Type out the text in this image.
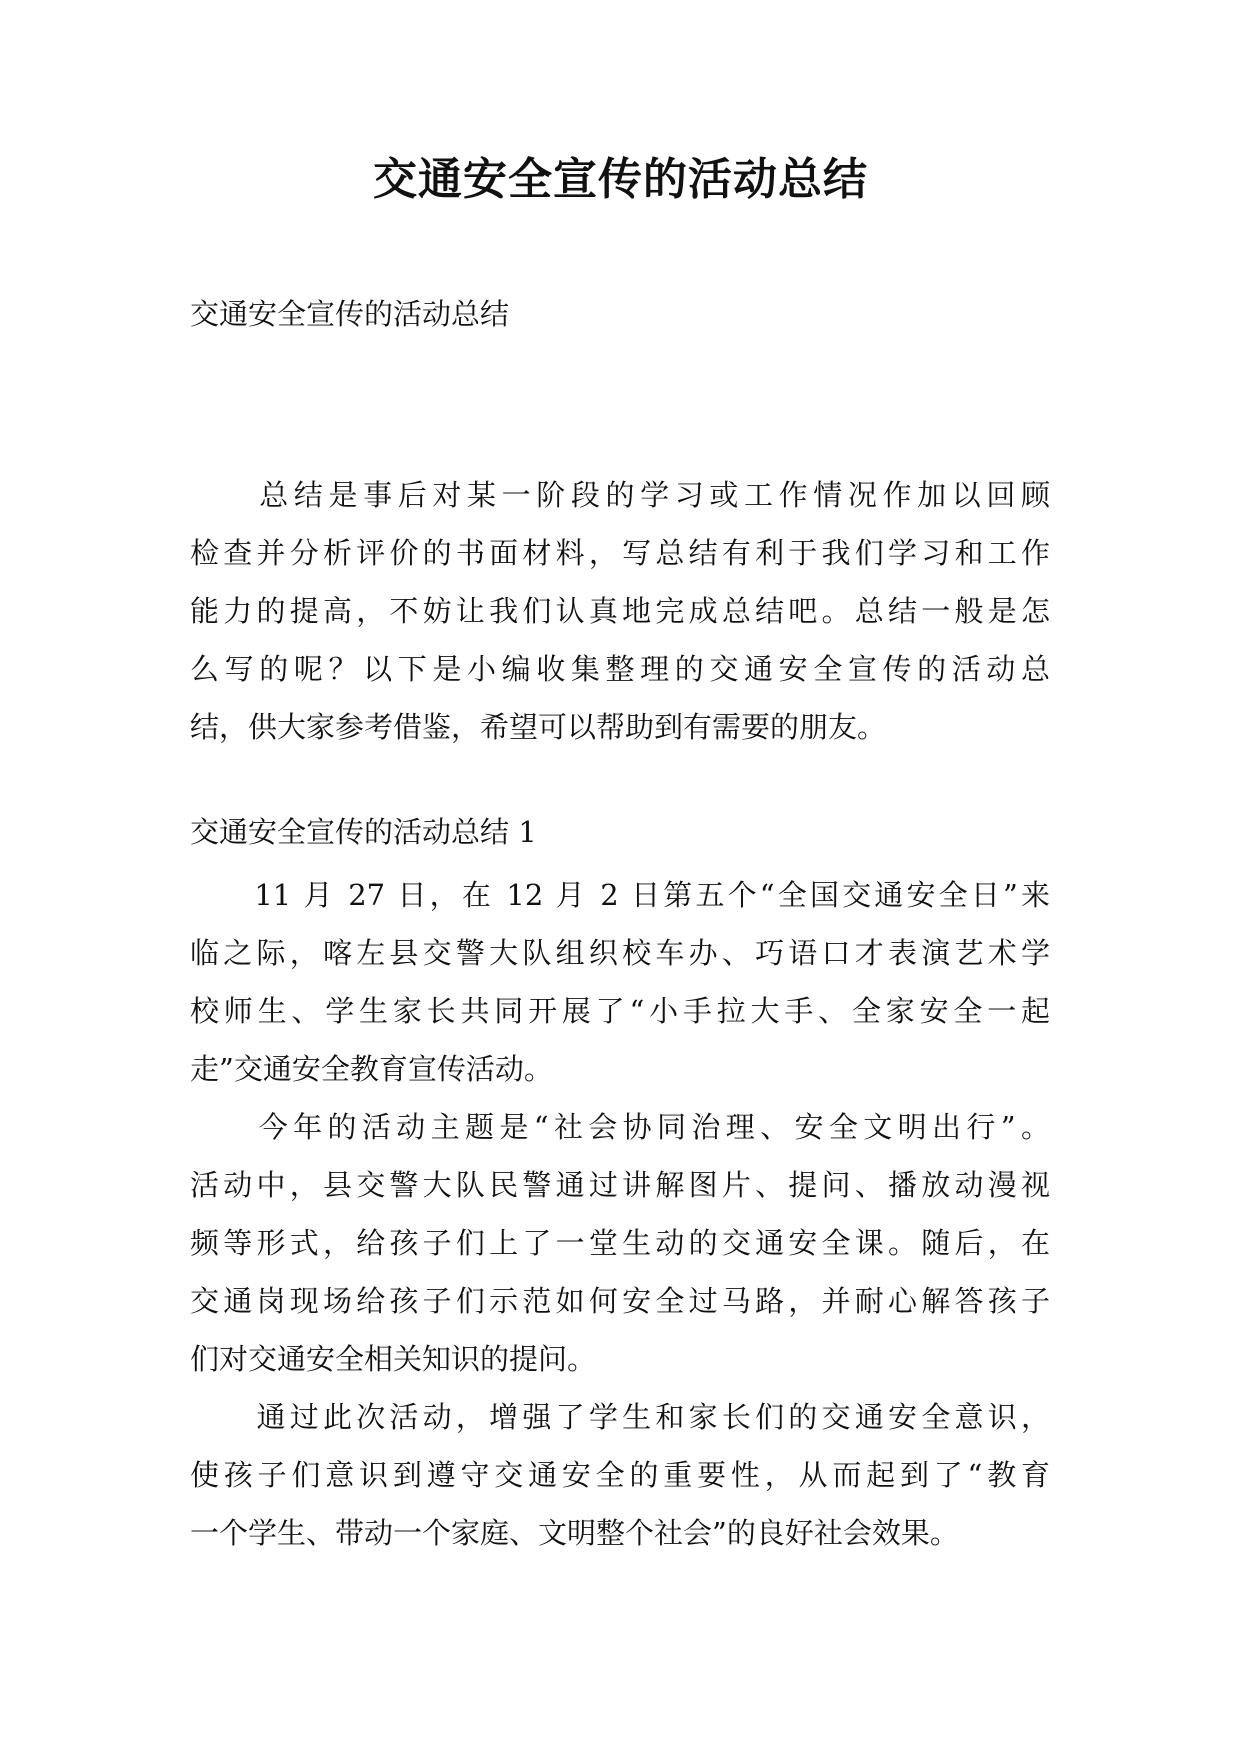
交通安全宣传的活动总结
交通安全宣传的活动总结
　　总结是事后对某一阶段的学习或工作情况作加以回顾
检查并分析评价的书面材料，写总结有利于我们学习和工作
能力的提高，不妨让我们认真地完成总结吧。总结一般是怎
么写的呢？以下是小编收集整理的交通安全宣传的活动总
结，供大家参考借鉴，希望可以帮助到有需要的朋友。
交通安全宣传的活动总结 1
　　11 月 27 日，在 12 月 2 日第五个“全国交通安全日”来
临之际，喀左县交警大队组织校车办、巧语口才表演艺术学
校师生、学生家长共同开展了“小手拉大手、全家安全一起
走”交通安全教育宣传活动。
　　今年的活动主题是“社会协同治理、安全文明出行”。
活动中，县交警大队民警通过讲解图片、提问、播放动漫视
频等形式，给孩子们上了一堂生动的交通安全课。随后，在
交通岗现场给孩子们示范如何安全过马路，并耐心解答孩子
们对交通安全相关知识的提问。
　　通过此次活动，增强了学生和家长们的交通安全意识，
使孩子们意识到遵守交通安全的重要性，从而起到了“教育
一个学生、带动一个家庭、文明整个社会”的良好社会效果。
